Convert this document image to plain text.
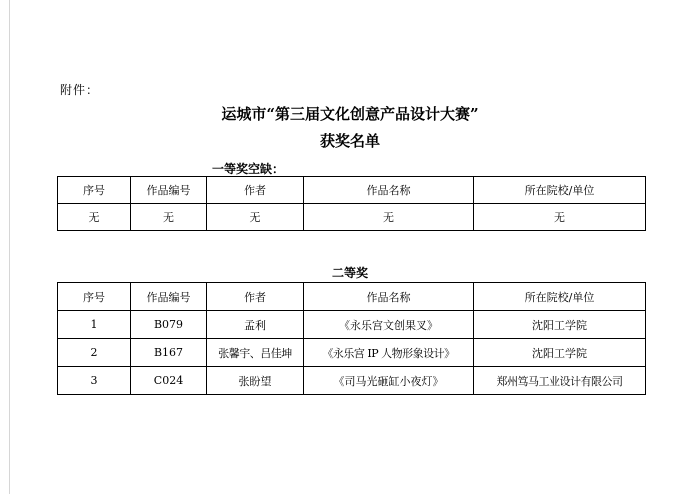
附件：
运城市“第三届文化创意产品设计大赛”
获奖名单
一等奖空缺：
序号	作品编号	作者	作品名称	所在院校/单位
无	无	无	无	无
二等奖
序号	作品编号	作者	作品名称	所在院校/单位
1	B079	孟利	《永乐宫文创果叉》	沈阳工学院
2	B167	张馨宇、吕佳坤	《永乐宫 IP 人物形象设计》	沈阳工学院
3	C024	张盼望	《司马光砸缸小夜灯》	郑州笃马工业设计有限公司
